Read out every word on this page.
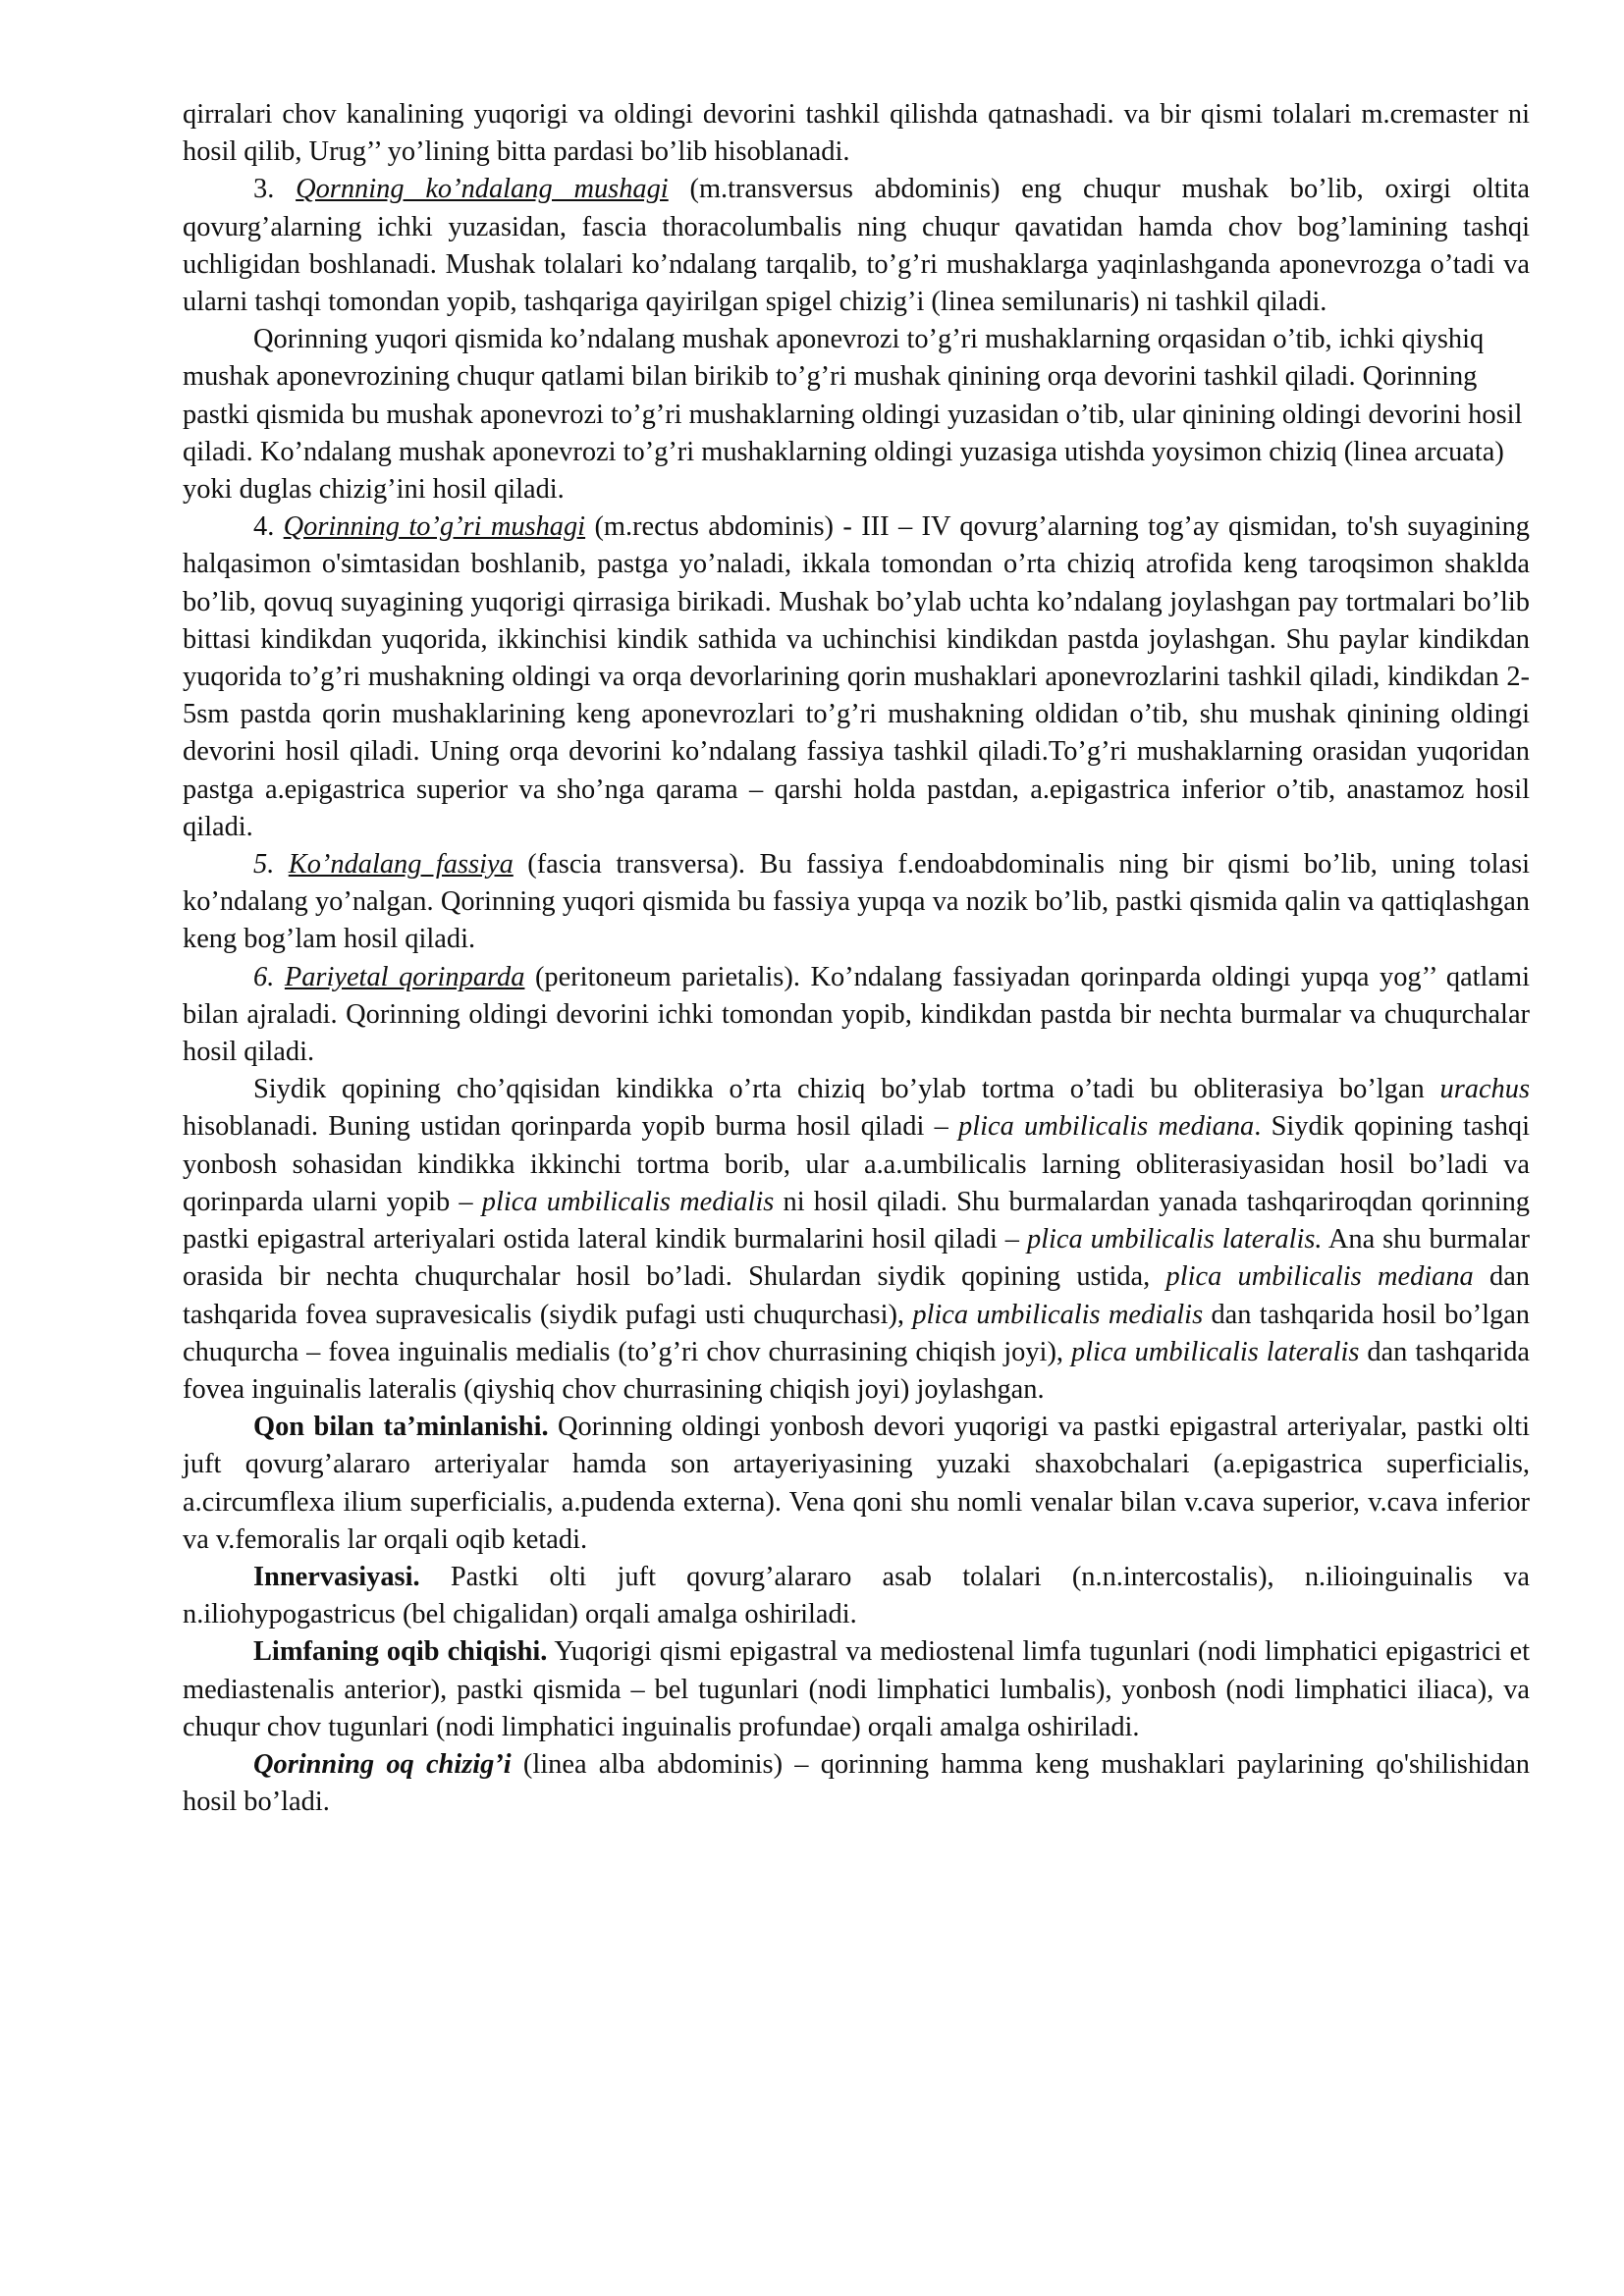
qirralari chov kanalining yuqorigi va oldingi devorini tashkil qilishda qatnashadi. va bir qismi tolalari m.cremaster ni hosil qilib, Urug’’ yo’lining bitta pardasi bo’lib hisoblanadi.

3. Qornning ko’ndalang mushagi (m.transversus abdominis) eng chuqur mushak bo’lib, oxirgi oltita qovurg’alarning ichki yuzasidan, fascia thoracolumbalis ning chuqur qavatidan hamda chov bog’lamining tashqi uchligidan boshlanadi. Mushak tolalari ko’ndalang tarqalib, to’g’ri mushaklarga yaqinlashganda aponevrozga o’tadi va ularni tashqi tomondan yopib, tashqariga qayirilgan spigel chizig’i (linea semilunaris) ni tashkil qiladi.

Qorinning yuqori qismida ko’ndalang mushak aponevrozi to’g’ri mushaklarning orqasidan o’tib, ichki qiyshiq mushak aponevrozining chuqur qatlami bilan birikib to’g’ri mushak qinining orqa devorini tashkil qiladi. Qorinning pastki qismida bu mushak aponevrozi to’g’ri mushaklarning oldingi yuzasidan o’tib, ular qinining oldingi devorini hosil qiladi. Ko’ndalang mushak aponevrozi to’g’ri mushaklarning oldingi yuzasiga utishda yoysimon chiziq (linea arcuata) yoki duglas chizig’ini hosil qiladi.

4. Qorinning to’g’ri mushagi (m.rectus abdominis) - III – IV qovurg’alarning tog’ay qismidan, to'sh suyagining halqasimon o'simtasidan boshlanib, pastga yo’naladi, ikkala tomondan o’rta chiziq atrofida keng taroqsimon shaklda bo’lib, qovuq suyagining yuqorigi qirrasiga birikadi. Mushak bo’ylab uchta ko’ndalang joylashgan pay tortmalari bo’lib bittasi kindikdan yuqorida, ikkinchisi kindik sathida va uchinchisi kindikdan pastda joylashgan. Shu paylar kindikdan yuqorida to’g’ri mushakning oldingi va orqa devorlarining qorin mushaklari aponevrozlarini tashkil qiladi, kindikdan 2-5sm pastda qorin mushaklarining keng aponevrozlari to’g’ri mushakning oldidan o’tib, shu mushak qinining oldingi devorini hosil qiladi. Uning orqa devorini ko’ndalang fassiya tashkil qiladi.To’g’ri mushaklarning orasidan yuqoridan pastga a.epigastrica superior va sho’nga qarama – qarshi holda pastdan, a.epigastrica inferior o’tib, anastamoz hosil qiladi.

5. Ko’ndalang fassiya (fascia transversa). Bu fassiya f.endoabdominalis ning bir qismi bo’lib, uning tolasi ko’ndalang yo’nalgan. Qorinning yuqori qismida bu fassiya yupqa va nozik bo’lib, pastki qismida qalin va qattiqlashgan keng bog’lam hosil qiladi.

6. Pariyetal qorinparda (peritoneum parietalis). Ko’ndalang fassiyadan qorinparda oldingi yupqa yog’’ qatlami bilan ajraladi. Qorinning oldingi devorini ichki tomondan yopib, kindikdan pastda bir nechta burmalar va chuqurchalar hosil qiladi.

Siydik qopining cho’qqisidan kindikka o’rta chiziq bo’ylab tortma o’tadi bu obliterasiya bo’lgan urachus hisoblanadi. Buning ustidan qorinparda yopib burma hosil qiladi – plica umbilicalis mediana. Siydik qopining tashqi yonbosh sohasidan kindikka ikkinchi tortma borib, ular a.a.umbilicalis larning obliterasiyasidan hosil bo’ladi va qorinparda ularni yopib – plica umbilicalis medialis ni hosil qiladi. Shu burmalardan yanada tashqariroqdan qorinning pastki epigastral arteriyalari ostida lateral kindik burmalarini hosil qiladi – plica umbilicalis lateralis. Ana shu burmalar orasida bir nechta chuqurchalar hosil bo’ladi. Shulardan siydik qopining ustida, plica umbilicalis mediana dan tashqarida fovea supravesicalis (siydik pufagi usti chuqurchasi), plica umbilicalis medialis dan tashqarida hosil bo’lgan chuqurcha – fovea inguinalis medialis (to’g’ri chov churrasining chiqish joyi), plica umbilicalis lateralis dan tashqarida fovea inguinalis lateralis (qiyshiq chov churrasining chiqish joyi) joylashgan.

Qon bilan ta’minlanishi. Qorinning oldingi yonbosh devori yuqorigi va pastki epigastral arteriyalar, pastki olti juft qovurg’alararo arteriyalar hamda son artayeriyasining yuzaki shaxobchalari (a.epigastrica superficialis, a.circumflexa ilium superficialis, a.pudenda externa). Vena qoni shu nomli venalar bilan v.cava superior, v.cava inferior va v.femoralis lar orqali oqib ketadi.

Innervasiyasi. Pastki olti juft qovurg’alararo asab tolalari (n.n.intercostalis), n.ilioinguinalis va n.iliohypogastricus (bel chigalidan) orqali amalga oshiriladi.

Limfaning oqib chiqishi. Yuqorigi qismi epigastral va mediostenal limfa tugunlari (nodi limphatici epigastrici et mediastenalis anterior), pastki qismida – bel tugunlari (nodi limphatici lumbalis), yonbosh (nodi limphatici iliaca), va chuqur chov tugunlari (nodi limphatici inguinalis profundae) orqali amalga oshiriladi.

Qorinning oq chizig’i (linea alba abdominis) – qorinning hamma keng mushaklari paylarining qo'shilishidan hosil bo’ladi.
